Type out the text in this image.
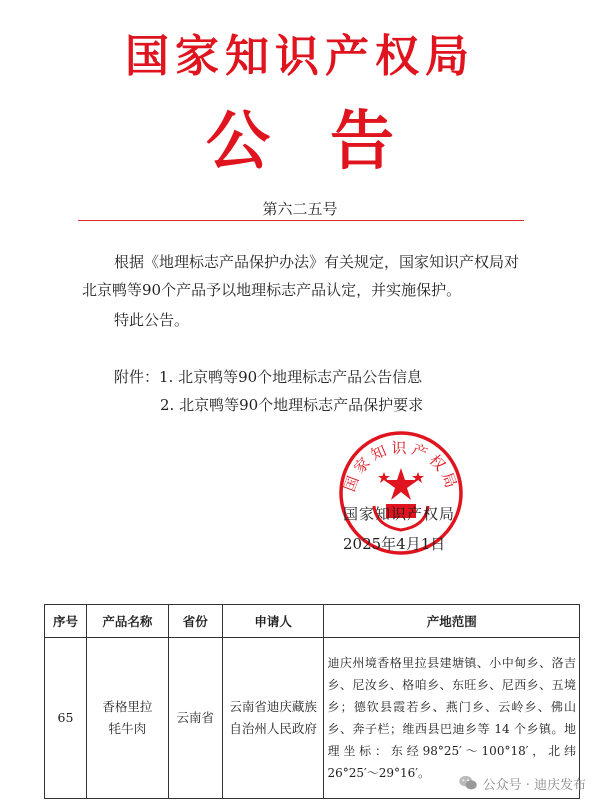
国家知识产权局
公告
第六二五号
根据《地理标志产品保护办法》有关规定，国家知识产权局对北京鸭等90个产品予以地理标志产品认定，并实施保护。
特此公告。
附件：1. 北京鸭等90个地理标志产品公告信息
2. 北京鸭等90个地理标志产品保护要求
国家知识产权局
国家知识产权局
2025年4月1日
序号	产品名称	省份	申请人	产地范围
65	香格里拉牦牛肉	云南省	云南省迪庆藏族自治州人民政府	迪庆州境香格里拉县建塘镇、小中甸乡、洛吉乡、尼汝乡、格咱乡、东旺乡、尼西乡、五境乡；德钦县霞若乡、燕门乡、云岭乡、佛山乡、奔子栏；维西县巴迪乡等 14 个乡镇。地理坐标：东经98°25′～100°18′，北纬 26°25′～29°16′。
公众号 · 迪庆发布
